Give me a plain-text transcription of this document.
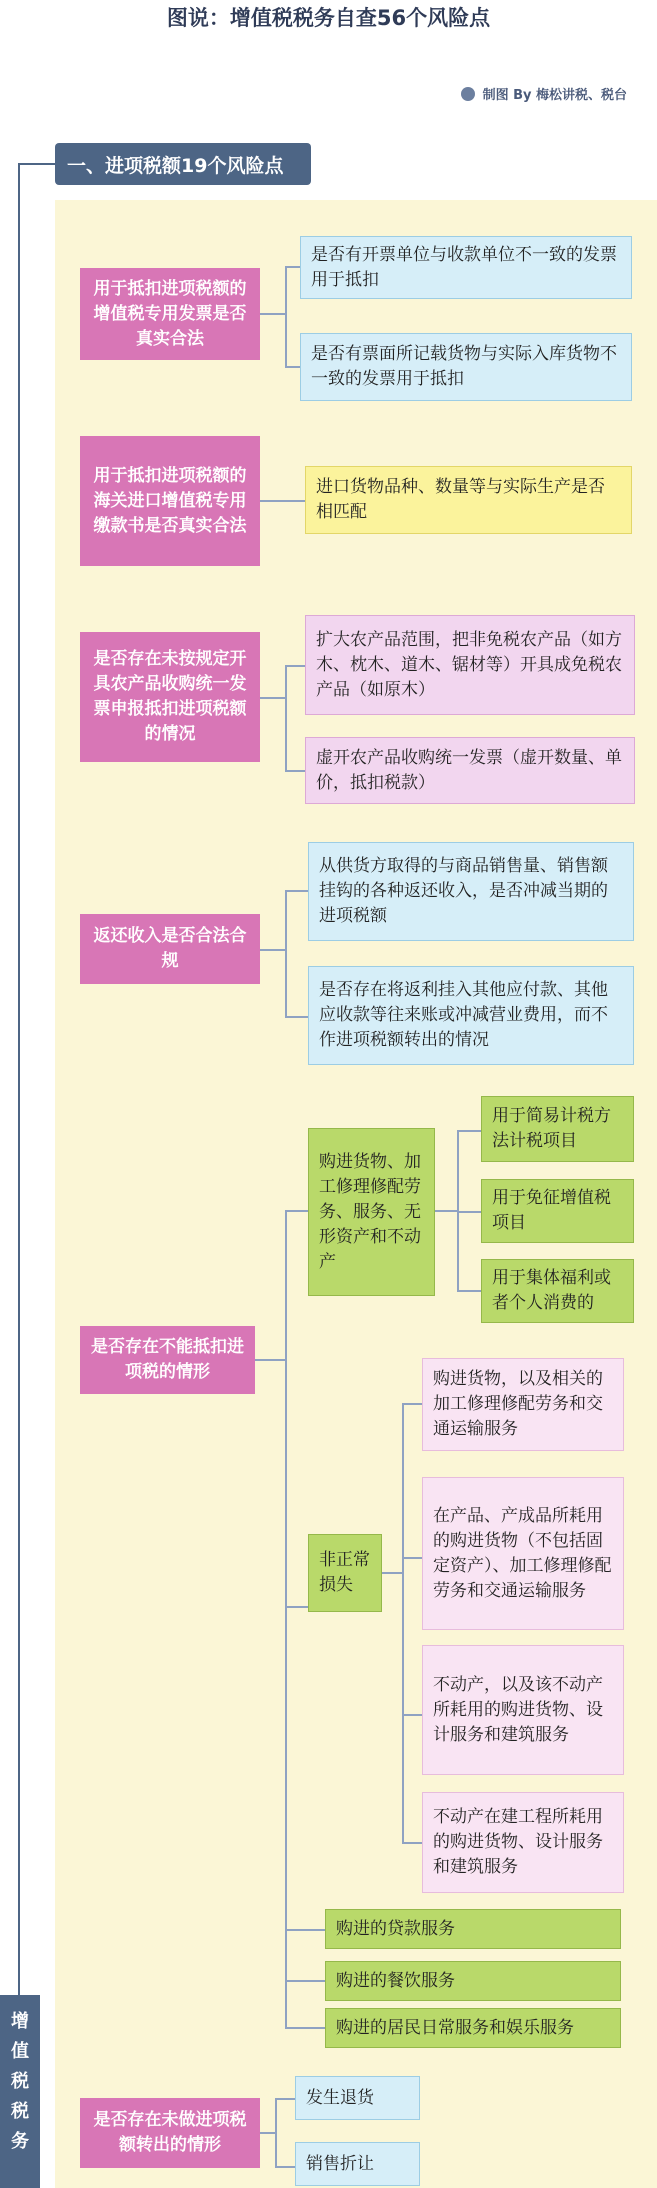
图说：增值税税务自查56个风险点
制图 By 梅松讲税、税台
一、进项税额19个风险点
用于抵扣进项税额的增值税专用发票是否真实合法
是否有开票单位与收款单位不一致的发票用于抵扣
是否有票面所记载货物与实际入库货物不一致的发票用于抵扣
用于抵扣进项税额的海关进口增值税专用缴款书是否真实合法
进口货物品种、数量等与实际生产是否相匹配
是否存在未按规定开具农产品收购统一发票申报抵扣进项税额的情况
扩大农产品范围，把非免税农产品（如方木、枕木、道木、锯材等）开具成免税农产品（如原木）
虚开农产品收购统一发票（虚开数量、单价，抵扣税款）
返还收入是否合法合规
从供货方取得的与商品销售量、销售额挂钩的各种返还收入，是否冲减当期的进项税额
是否存在将返利挂入其他应付款、其他应收款等往来账或冲减营业费用，而不作进项税额转出的情况
是否存在不能抵扣进项税的情形
购进货物、加工修理修配劳务、服务、无形资产和不动产
用于简易计税方法计税项目
用于免征增值税项目
用于集体福利或者个人消费的
非正常损失
购进货物，以及相关的加工修理修配劳务和交通运输服务
在产品、产成品所耗用的购进货物（不包括固定资产）、加工修理修配劳务和交通运输服务
不动产，以及该不动产所耗用的购进货物、设计服务和建筑服务
不动产在建工程所耗用的购进货物、设计服务和建筑服务
购进的贷款服务
购进的餐饮服务
购进的居民日常服务和娱乐服务
是否存在未做进项税额转出的情形
发生退货
销售折让
增
值
税
税
务
